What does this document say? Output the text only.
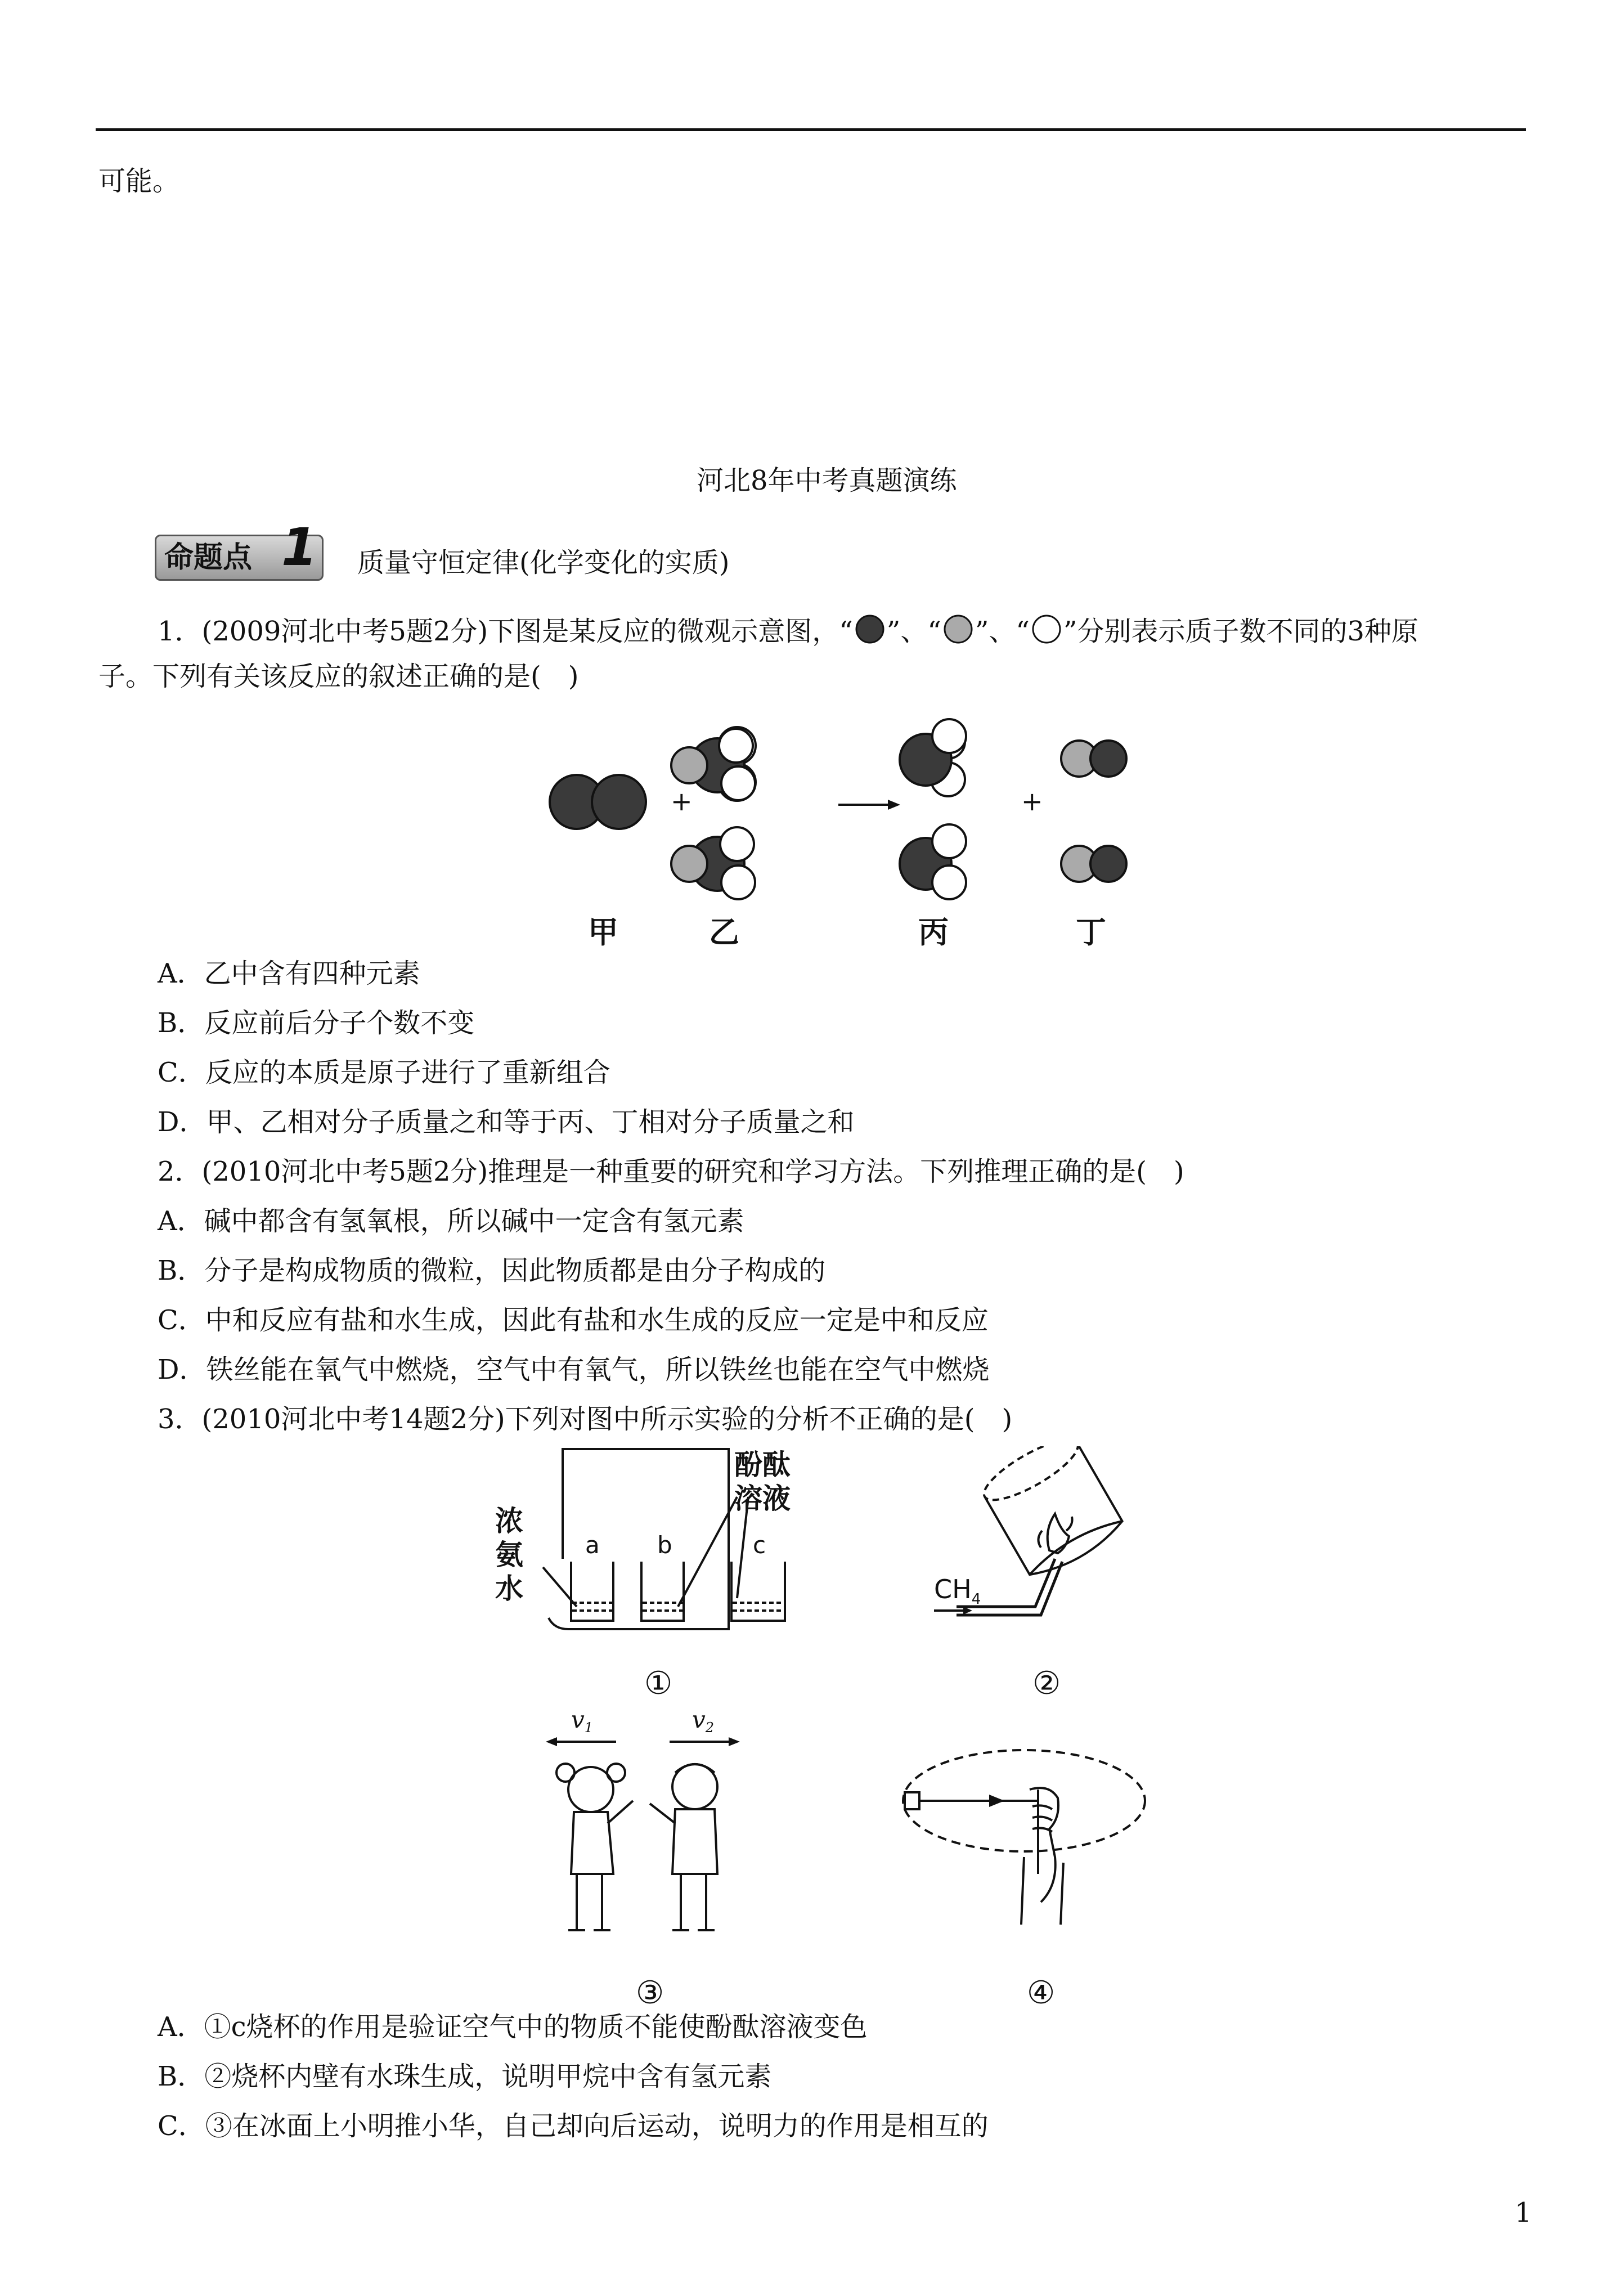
可能。
河北8年中考真题演练
命题点 1 质量守恒定律(化学变化的实质)
1．(2009河北中考5题2分)下图是某反应的微观示意图，“ ”、“ ”、“ ”分别表示质子数不同的3种原
子。下列有关该反应的叙述正确的是(　)
+	+
甲	乙	丙	丁
A．乙中含有四种元素
B．反应前后分子个数不变
C．反应的本质是原子进行了重新组合
D．甲、乙相对分子质量之和等于丙、丁相对分子质量之和
2．(2010河北中考5题2分)推理是一种重要的研究和学习方法。下列推理正确的是(　)
A．碱中都含有氢氧根，所以碱中一定含有氢元素
B．分子是构成物质的微粒，因此物质都是由分子构成的
C．中和反应有盐和水生成，因此有盐和水生成的反应一定是中和反应
D．铁丝能在氧气中燃烧，空气中有氧气，所以铁丝也能在空气中燃烧
3．(2010河北中考14题2分)下列对图中所示实验的分析不正确的是(　)
浓
氨
水
酚酞
溶液
a b	c
①
$CH_4$
②
v1	v2
③	④
A．①c烧杯的作用是验证空气中的物质不能使酚酞溶液变色
B．②烧杯内壁有水珠生成，说明甲烷中含有氢元素
C．③在冰面上小明推小华，自己却向后运动，说明力的作用是相互的
1
